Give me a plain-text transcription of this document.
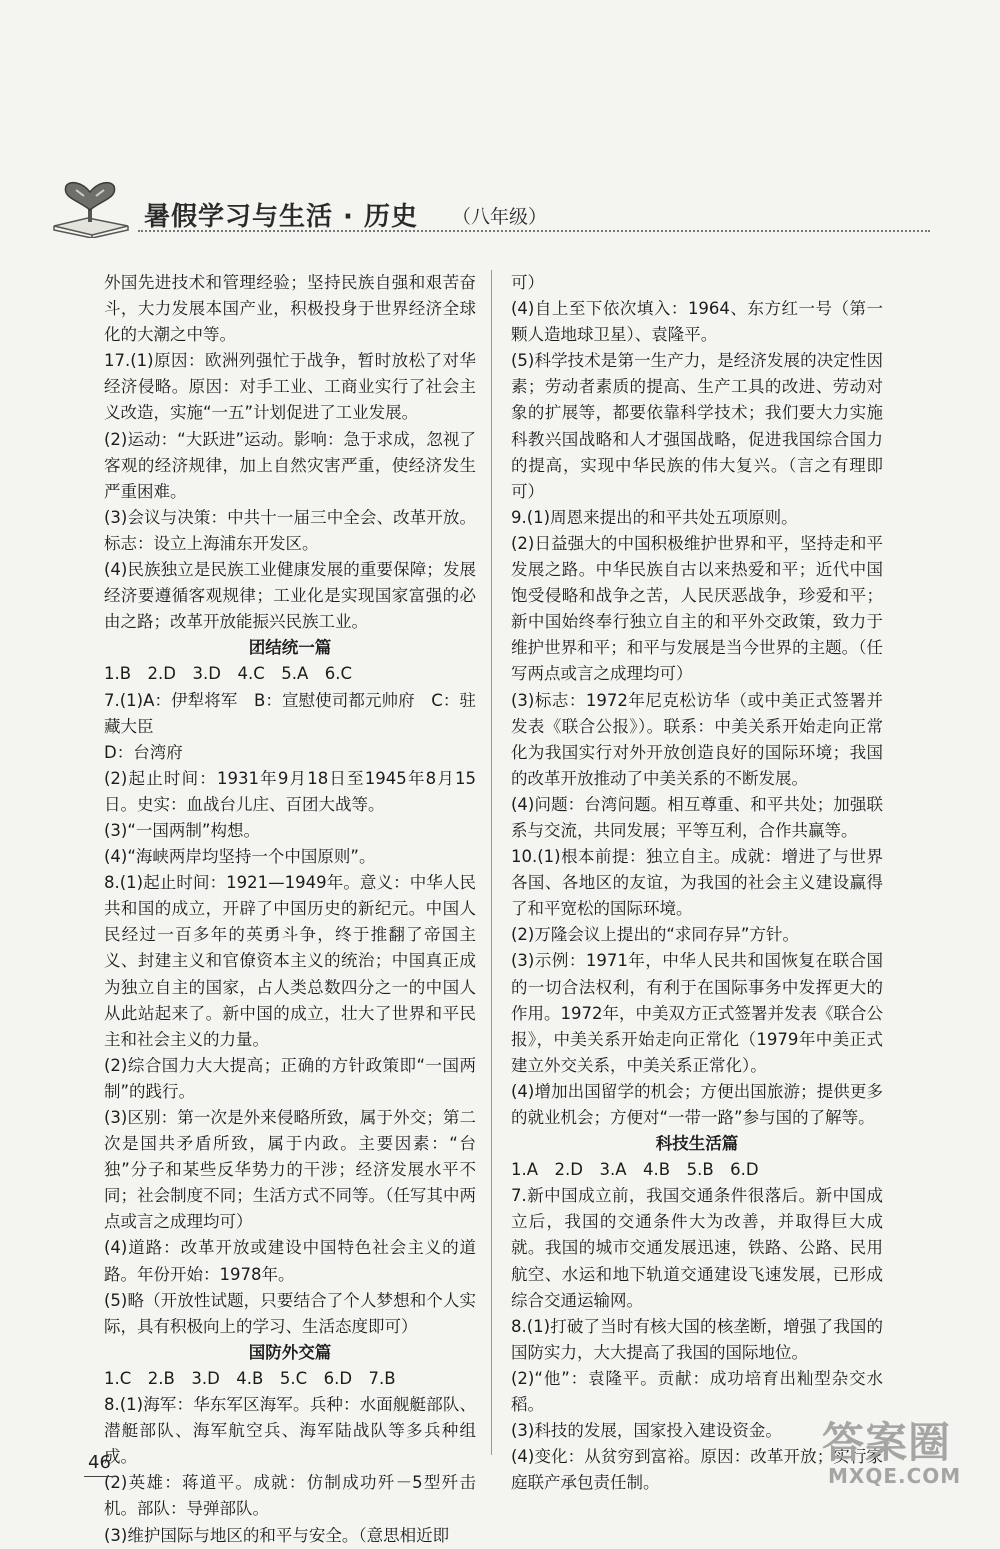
暑假学习与生活 · 历史 （八年级）

外国先进技术和管理经验；坚持民族自强和艰苦奋斗，大力发展本国产业，积极投身于世界经济全球化的大潮之中等。

17.(1)原因：欧洲列强忙于战争，暂时放松了对华经济侵略。原因：对手工业、工商业实行了社会主义改造，实施“一五”计划促进了工业发展。

(2)运动：“大跃进”运动。影响：急于求成，忽视了客观的经济规律，加上自然灾害严重，使经济发生严重困难。

(3)会议与决策：中共十一届三中全会、改革开放。标志：设立上海浦东开发区。

(4)民族独立是民族工业健康发展的重要保障；发展经济要遵循客观规律；工业化是实现国家富强的必由之路；改革开放能振兴民族工业。

团结统一篇

1.B　2.D　3.D　4.C　5.A　6.C

7.(1)A：伊犁将军　B：宣慰使司都元帅府　C：驻藏大臣

D：台湾府

(2)起止时间：1931年9月18日至1945年8月15日。史实：血战台儿庄、百团大战等。

(3)“一国两制”构想。

(4)“海峡两岸均坚持一个中国原则”。

8.(1)起止时间：1921—1949年。意义：中华人民共和国的成立，开辟了中国历史的新纪元。中国人民经过一百多年的英勇斗争，终于推翻了帝国主义、封建主义和官僚资本主义的统治；中国真正成为独立自主的国家，占人类总数四分之一的中国人从此站起来了。新中国的成立，壮大了世界和平民主和社会主义的力量。

(2)综合国力大大提高；正确的方针政策即“一国两制”的践行。

(3)区别：第一次是外来侵略所致，属于外交；第二次是国共矛盾所致，属于内政。主要因素：“台独”分子和某些反华势力的干涉；经济发展水平不同；社会制度不同；生活方式不同等。（任写其中两点或言之成理均可）

(4)道路：改革开放或建设中国特色社会主义的道路。年份开始：1978年。

(5)略（开放性试题，只要结合了个人梦想和个人实际，具有积极向上的学习、生活态度即可）

国防外交篇

1.C　2.B　3.D　4.B　5.C　6.D　7.B

8.(1)海军：华东军区海军。兵种：水面舰艇部队、潜艇部队、海军航空兵、海军陆战队等多兵种组成。

(2)英雄：蒋道平。成就：仿制成功歼－5型歼击机。部队：导弹部队。

(3)维护国际与地区的和平与安全。（意思相近即

可）

(4)自上至下依次填入：1964、东方红一号（第一颗人造地球卫星）、袁隆平。

(5)科学技术是第一生产力，是经济发展的决定性因素；劳动者素质的提高、生产工具的改进、劳动对象的扩展等，都要依靠科学技术；我们要大力实施科教兴国战略和人才强国战略，促进我国综合国力的提高，实现中华民族的伟大复兴。（言之有理即可）

9.(1)周恩来提出的和平共处五项原则。

(2)日益强大的中国积极维护世界和平，坚持走和平发展之路。中华民族自古以来热爱和平；近代中国饱受侵略和战争之苦，人民厌恶战争，珍爱和平；新中国始终奉行独立自主的和平外交政策，致力于维护世界和平；和平与发展是当今世界的主题。（任写两点或言之成理均可）

(3)标志：1972年尼克松访华（或中美正式签署并发表《联合公报》）。联系：中美关系开始走向正常化为我国实行对外开放创造良好的国际环境；我国的改革开放推动了中美关系的不断发展。

(4)问题：台湾问题。相互尊重、和平共处；加强联系与交流，共同发展；平等互利，合作共赢等。

10.(1)根本前提：独立自主。成就：增进了与世界各国、各地区的友谊，为我国的社会主义建设赢得了和平宽松的国际环境。

(2)万隆会议上提出的“求同存异”方针。

(3)示例：1971年，中华人民共和国恢复在联合国的一切合法权利，有利于在国际事务中发挥更大的作用。1972年，中美双方正式签署并发表《联合公报》，中美关系开始走向正常化（1979年中美正式建立外交关系，中美关系正常化）。

(4)增加出国留学的机会；方便出国旅游；提供更多的就业机会；方便对“一带一路”参与国的了解等。

科技生活篇

1.A　2.D　3.A　4.B　5.B　6.D

7.新中国成立前，我国交通条件很落后。新中国成立后，我国的交通条件大为改善，并取得巨大成就。我国的城市交通发展迅速，铁路、公路、民用航空、水运和地下轨道交通建设飞速发展，已形成综合交通运输网。

8.(1)打破了当时有核大国的核垄断，增强了我国的国防实力，大大提高了我国的国际地位。

(2)“他”：袁隆平。贡献：成功培育出籼型杂交水稻。

(3)科技的发展，国家投入建设资金。

(4)变化：从贫穷到富裕。原因：改革开放；实行家庭联产承包责任制。

46	答案圈
MXQE.COM
